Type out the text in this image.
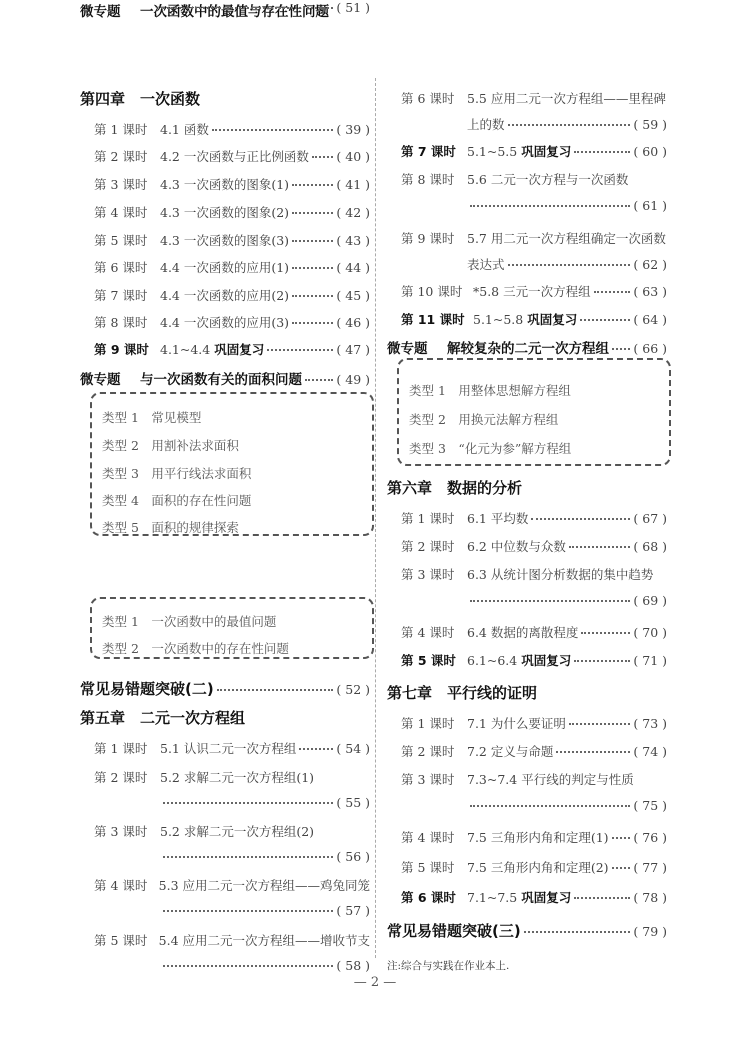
注:综合与实践在作业本上.
— 2 —
第四章　一次函数
第 1 课时	4.1 函数	( 39 )
第 2 课时	4.2 一次函数与正比例函数 ( 40 )
第 3 课时	4.3 一次函数的图象(1)	( 41 )
第 4 课时	4.3 一次函数的图象(2)	( 42 )
第 5 课时	4.3 一次函数的图象(3)	( 43 )
第 6 课时	4.4 一次函数的应用(1)	( 44 )
第 7 课时	4.4 一次函数的应用(2)	( 45 )
第 8 课时	4.4 一次函数的应用(3)	( 46 )
第 9 课时 4.1~4.4 巩固复习	( 47 )
微专题	与一次函数有关的面积问题	( 49 )
类型 1　常见模型
类型 2　用割补法求面积
类型 3　用平行线法求面积
类型 4　面积的存在性问题
类型 5　面积的规律探索
微专题	一次函数中的最值与存在性问题 ( 51 )
类型 1　一次函数中的最值问题
类型 2　一次函数中的存在性问题
常见易错题突破(二)	( 52 )
第五章　二元一次方程组
第 1 课时	5.1 认识二元一次方程组	( 54 )
第 2 课时	5.2 求解二元一次方程组(1)
( 55 )
第 3 课时	5.2 求解二元一次方程组(2)
( 56 )
第 4 课时 5.3 应用二元一次方程组——鸡兔同笼
( 57 )
第 5 课时 5.4 应用二元一次方程组——增收节支
( 58 )
第 6 课时	5.5 应用二元一次方程组——里程碑
上的数	( 59 )
第 7 课时 5.1~5.5 巩固复习	( 60 )
第 8 课时	5.6 二元一次方程与一次函数
( 61 )
第 9 课时	5.7 用二元一次方程组确定一次函数
表达式	( 62 )
第 10 课时 *5.8 三元一次方程组	( 63 )
第 11 课时 5.1~5.8 巩固复习	( 64 )
微专题	解较复杂的二元一次方程组 ( 66 )
类型 1　用整体思想解方程组
类型 2　用换元法解方程组
类型 3　“化元为参”解方程组
第六章　数据的分析
第 1 课时	6.1 平均数	( 67 )
第 2 课时	6.2 中位数与众数	( 68 )
第 3 课时	6.3 从统计图分析数据的集中趋势
( 69 )
第 4 课时	6.4 数据的离散程度	( 70 )
第 5 课时 6.1~6.4 巩固复习	( 71 )
第七章　平行线的证明
第 1 课时	7.1 为什么要证明	( 73 )
第 2 课时	7.2 定义与命题	( 74 )
第 3 课时	7.3~7.4 平行线的判定与性质
( 75 )
第 4 课时	7.5 三角形内角和定理(1) ( 76 )
第 5 课时	7.5 三角形内角和定理(2) ( 77 )
第 6 课时 7.1~7.5 巩固复习	( 78 )
常见易错题突破(三)	( 79 )
